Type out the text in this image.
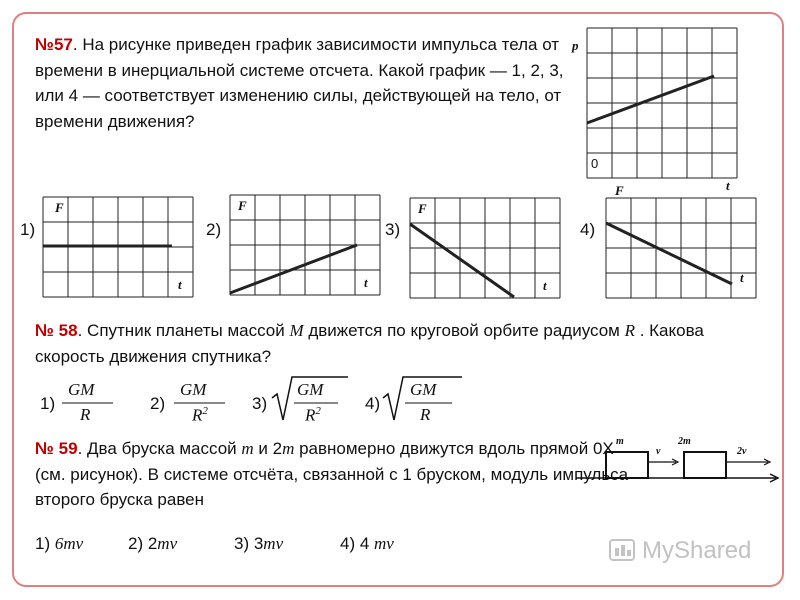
№57. На рисунке приведен график зависимости импульса тела от времени в инерциальной системе отсчета. Какой график — 1, 2, 3, или 4 — соответствует изменению силы, действующей на тело, от времени движения?
p
t
0
1)
F
t
2)
F
t
3)
F
t
4)
F
t
№ 58. Спутник планеты массой M движется по круговой орбите радиусом R . Какова скорость движения спутника?
1)
GM
R
2)
GM
$R^2$	3)
GM
$R^2$	4)
GM
R
№ 59. Два бруска массой m и 2m равномерно движутся вдоль прямой 0X (см. рисунок). В системе отсчёта, связанной с 1 бруском, модуль импульса второго бруска равен
m
v
2m
2v
1) 6mv	2) 2mv	3) 3mv	4) 4 mv	MyShared
